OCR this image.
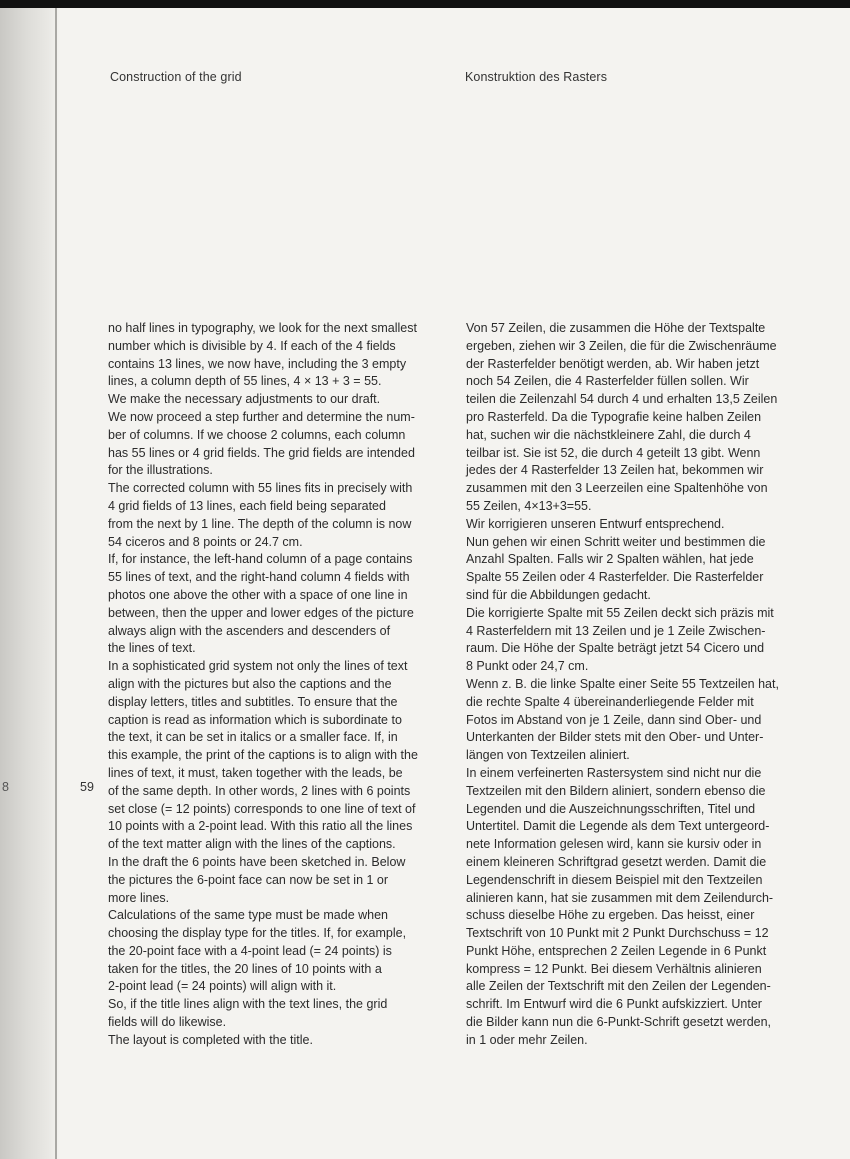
8
Construction of the grid	Konstruktion des Rasters
no half lines in typography, we look for the next smallest
number which is divisible by 4. If each of the 4 fields
contains 13 lines, we now have, including the 3 empty
lines, a column depth of 55 lines, 4 × 13 + 3 = 55.
We make the necessary adjustments to our draft.
We now proceed a step further and determine the num-
ber of columns. If we choose 2 columns, each column
has 55 lines or 4 grid fields. The grid fields are intended
for the illustrations.
The corrected column with 55 lines fits in precisely with
4 grid fields of 13 lines, each field being separated
from the next by 1 line. The depth of the column is now
54 ciceros and 8 points or 24.7 cm.
If, for instance, the left-hand column of a page contains
55 lines of text, and the right-hand column 4 fields with
photos one above the other with a space of one line in
between, then the upper and lower edges of the picture
always align with the ascenders and descenders of
the lines of text.
In a sophisticated grid system not only the lines of text
align with the pictures but also the captions and the
display letters, titles and subtitles. To ensure that the
caption is read as information which is subordinate to
the text, it can be set in italics or a smaller face. If, in
this example, the print of the captions is to align with the
lines of text, it must, taken together with the leads, be
of the same depth. In other words, 2 lines with 6 points
set close (= 12 points) corresponds to one line of text of
10 points with a 2-point lead. With this ratio all the lines
of the text matter align with the lines of the captions.
In the draft the 6 points have been sketched in. Below
the pictures the 6-point face can now be set in 1 or
more lines.
Calculations of the same type must be made when
choosing the display type for the titles. If, for example,
the 20-point face with a 4-point lead (= 24 points) is
taken for the titles, the 20 lines of 10 points with a
2-point lead (= 24 points) will align with it.
So, if the title lines align with the text lines, the grid
fields will do likewise.
The layout is completed with the title.
Von 57 Zeilen, die zusammen die Höhe der Textspalte
ergeben, ziehen wir 3 Zeilen, die für die Zwischenräume
der Rasterfelder benötigt werden, ab. Wir haben jetzt
noch 54 Zeilen, die 4 Rasterfelder füllen sollen. Wir
teilen die Zeilenzahl 54 durch 4 und erhalten 13,5 Zeilen
pro Rasterfeld. Da die Typografie keine halben Zeilen
hat, suchen wir die nächstkleinere Zahl, die durch 4
teilbar ist. Sie ist 52, die durch 4 geteilt 13 gibt. Wenn
jedes der 4 Rasterfelder 13 Zeilen hat, bekommen wir
zusammen mit den 3 Leerzeilen eine Spaltenhöhe von
55 Zeilen, 4×13+3=55.
Wir korrigieren unseren Entwurf entsprechend.
Nun gehen wir einen Schritt weiter und bestimmen die
Anzahl Spalten. Falls wir 2 Spalten wählen, hat jede
Spalte 55 Zeilen oder 4 Rasterfelder. Die Rasterfelder
sind für die Abbildungen gedacht.
Die korrigierte Spalte mit 55 Zeilen deckt sich präzis mit
4 Rasterfeldern mit 13 Zeilen und je 1 Zeile Zwischen-
raum. Die Höhe der Spalte beträgt jetzt 54 Cicero und
8 Punkt oder 24,7 cm.
Wenn z. B. die linke Spalte einer Seite 55 Textzeilen hat,
die rechte Spalte 4 übereinanderliegende Felder mit
Fotos im Abstand von je 1 Zeile, dann sind Ober- und
Unterkanten der Bilder stets mit den Ober- und Unter-
längen von Textzeilen aliniert.
In einem verfeinerten Rastersystem sind nicht nur die
Textzeilen mit den Bildern aliniert, sondern ebenso die
Legenden und die Auszeichnungsschriften, Titel und
Untertitel. Damit die Legende als dem Text untergeord-
nete Information gelesen wird, kann sie kursiv oder in
einem kleineren Schriftgrad gesetzt werden. Damit die
Legendenschrift in diesem Beispiel mit den Textzeilen
alinieren kann, hat sie zusammen mit dem Zeilendurch-
schuss dieselbe Höhe zu ergeben. Das heisst, einer
Textschrift von 10 Punkt mit 2 Punkt Durchschuss = 12
Punkt Höhe, entsprechen 2 Zeilen Legende in 6 Punkt
kompress = 12 Punkt. Bei diesem Verhältnis alinieren
alle Zeilen der Textschrift mit den Zeilen der Legenden-
schrift. Im Entwurf wird die 6 Punkt aufskizziert. Unter
die Bilder kann nun die 6-Punkt-Schrift gesetzt werden,
in 1 oder mehr Zeilen.
59
